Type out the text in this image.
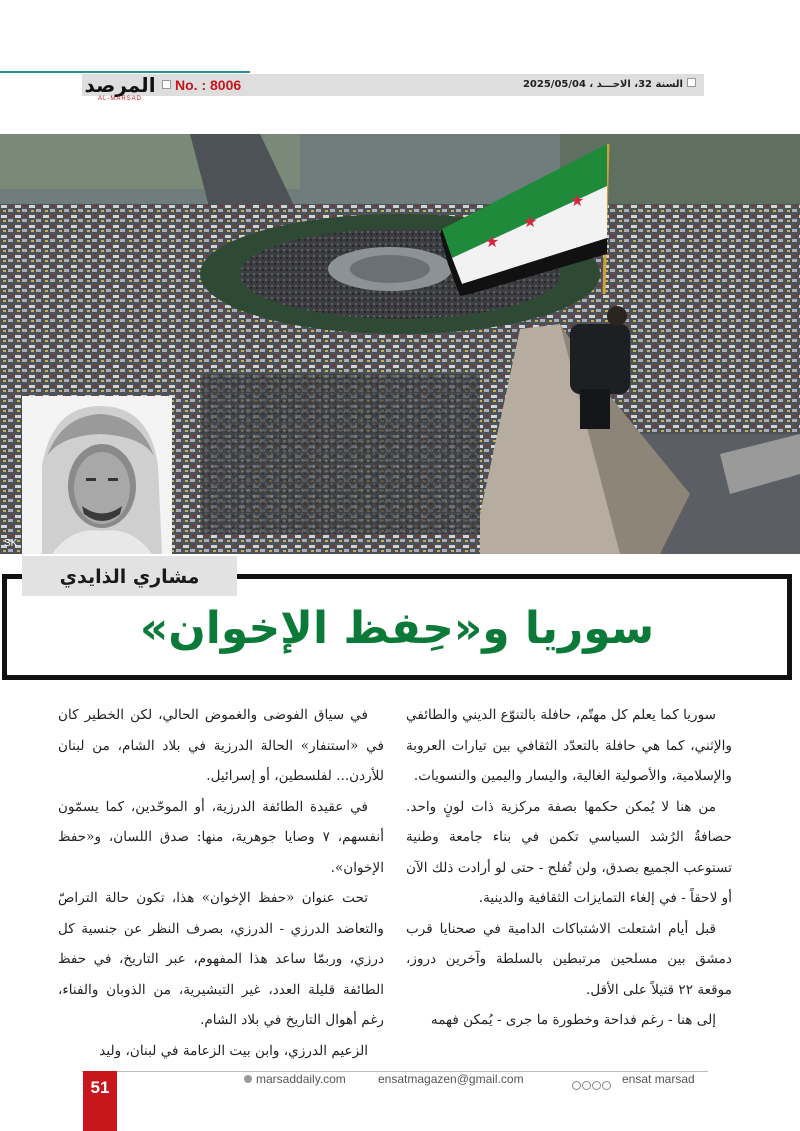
المرصد
AL-MARSAD
No. : 8006	السنة 32، الاحـــد ، 2025/05/04
★
★
★
SK
سوريا و«حِفظ الإخوان»
مشاري الذايدي

سوريا كما يعلم كل مهتّم، حافلة بالتنوّع الديني والطائفي والإثني، كما هي حافلة بالتعدّد الثقافي بين تيارات العروبة والإسلامية، والأصولية الغالية، واليسار واليمين والنسويات.

من هنا لا يُمكن حكمها بصفة مركزية ذات لونٍ واحد. حصافةُ الرُشد السياسي تكمن في بناء جامعة وطنية تستوعب الجميع بصدق، ولن تُفلح - حتى لو أرادت ذلك الآن أو لاحقاً - في إلغاء التمايزات الثقافية والدينية.

قبل أيام اشتعلت الاشتباكات الدامية في صحنايا قرب دمشق بين مسلحين مرتبطين بالسلطة وآخرين دروز، موقعة ٢٢ قتيلاً على الأقل.

إلى هنا - رغم فداحة وخطورة ما جرى - يُمكن فهمه

في سياق الفوضى والغموض الحالي، لكن الخطير كان في «استنفار» الحالة الدرزية في بلاد الشام، من لبنان للأردن... لفلسطين، أو إسرائيل.

في عقيدة الطائفة الدرزية، أو الموحّدين، كما يسمّون أنفسهم، ٧ وصايا جوهرية، منها: صدق اللسان، و«حفظ الإخوان».

تحت عنوان «حفظ الإخوان» هذا، تكون حالة التراصّ والتعاضد الدرزي - الدرزي، بصرف النظر عن جنسية كل درزي، وربمّا ساعد هذا المفهوم، عبر التاريخ، في حفظ الطائفة قليلة العدد، غير التبشيرية، من الذوبان والفناء، رغم أهوال التاريخ في بلاد الشام.

الزعيم الدرزي، وابن بيت الزعامة في لبنان، وليد

51	marsaddaily.com	ensatmagazen@gmail.com	ensat marsad
